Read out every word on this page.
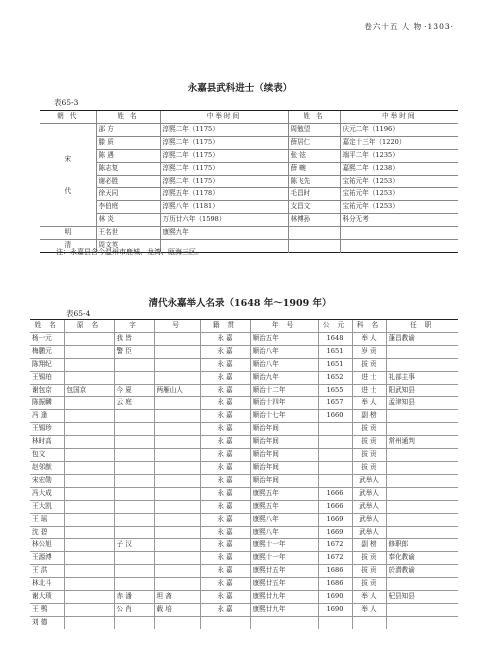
卷六十五 人 物 ·1303·
永嘉县武科进士（续表）
表65-3
朝 代	姓 名	中举时间	姓 名	中举时间

宋
代	邵 方	淳熙二年（1175）	周勉望	庆元二年（1196）
	滕 质	淳熙二年（1175）	薛居仁	嘉定十三年（1220）
	陈 遇	淳熙二年（1175）	张 铉	端平二年（1235）
	陈志复	淳熙二年（1175）	薛 畹	嘉熙二年（1238）
	谢必胜	淳熙二年（1175）	陈飞先	宝祐元年（1253）
	徐天同	淳熙五年（1178）	毛昌时	宝祐元年（1253）
	李伯庭	淳熙八年（1181）	支昌文	宝祐元年（1253）
	林 炎	万历廿六年（1598）	林傅孙	科分无考
明	王名世	康熙九年		
清	周文英			
注：永嘉县含今温州市鹿城、龙湾、瓯海三区。
清代永嘉举人名录（1648 年～1909 年）
表65-4
姓 名	原 名	字	号	籍 贯	年 号	公 元	科 名	任 职
杨一元		我 皆		永 嘉	顺治五年	1648	举 人	蓬昌教谕
梅鹏元		警 臣		永 嘉	顺治八年	1651	岁 贡	
陈翔纪				永 嘉	顺治八年	1651	拔 贡	
王锡珀				永 嘉	顺治九年	1652	进 士	礼部主事
谢包京	包国京	今 夏	两雁山人	永 嘉	顺治十二年	1655	进 士	阳武知县
陈振麟		云 庭		永 嘉	顺治十四年	1657	举 人	孟津知县
冯 逢				永 嘉	顺治十七年	1660	副 榜	
王锡珍				永 嘉	顺治年间		拔 贡	
林时高				永 嘉	顺治年间		拔 贡	常州通判
包文				永 嘉	顺治年间		拔 贡	
赵邻猷				永 嘉	顺治年间		拔 贡	
宋宏勋				永 嘉	顺治年间		武举人	
冯大成				永 嘉	康熙五年	1666	武举人	
王大凯				永 嘉	康熙五年	1666	武举人	
王 瑶				永 嘉	康熙八年	1669	武举人	
沈 碧				永 嘉	康熙八年	1669	武举人	
林公旭		子 汉		永 嘉	康熙十一年	1672	副 榜	修职郎
王源溥				永 嘉	康熙十一年	1672	拔 贡	奉化教谕
王 洪				永 嘉	康熙廿五年	1686	拔 贡	於潜教谕
林北斗				永 嘉	康熙廿五年	1686	拔 贡	
谢大琐		赤 潘	坦 斋	永 嘉	康熙廿九年	1690	举 人	杞县知县
王 鹗		公 肖	载 培	永 嘉	康熙廿九年	1690	举 人	
刘 德								
